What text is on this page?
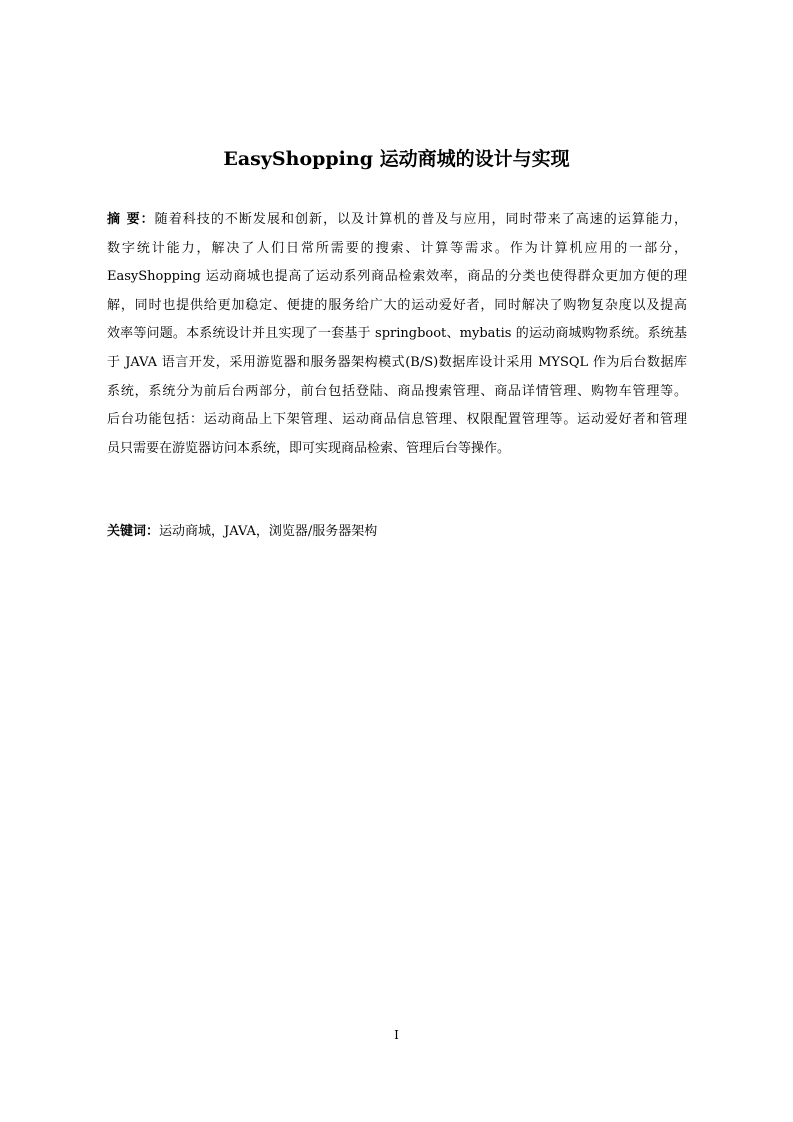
EasyShopping 运动商城的设计与实现
摘 要：随着科技的不断发展和创新，以及计算机的普及与应用，同时带来了高速的运算能力，
数字统计能力，解决了人们日常所需要的搜索、计算等需求。作为计算机应用的一部分，
EasyShopping 运动商城也提高了运动系列商品检索效率，商品的分类也使得群众更加方便的理
解，同时也提供给更加稳定、便捷的服务给广大的运动爱好者，同时解决了购物复杂度以及提高
效率等问题。本系统设计并且实现了一套基于 springboot、mybatis 的运动商城购物系统。系统基
于 JAVA 语言开发，采用游览器和服务器架构模式(B/S)数据库设计采用 MYSQL 作为后台数据库
系统，系统分为前后台两部分，前台包括登陆、商品搜索管理、商品详情管理、购物车管理等。
后台功能包括：运动商品上下架管理、运动商品信息管理、权限配置管理等。运动爱好者和管理
员只需要在游览器访问本系统，即可实现商品检索、管理后台等操作。

关键词：运动商城，JAVA，浏览器/服务器架构

I
